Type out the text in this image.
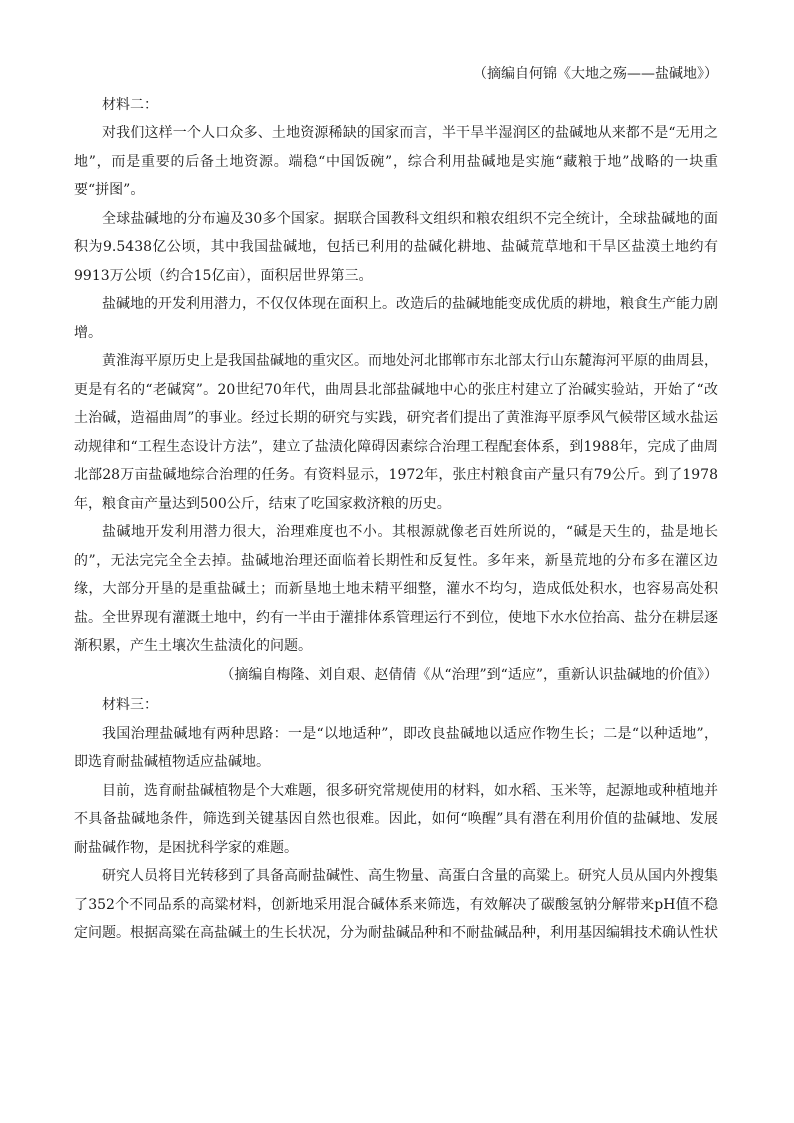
（摘编自何锦《大地之殇——盐碱地》）

材料二：

对我们这样一个人口众多、土地资源稀缺的国家而言，半干旱半湿润区的盐碱地从来都不是“无用之地”，而是重要的后备土地资源。端稳“中国饭碗”，综合利用盐碱地是实施“藏粮于地”战略的一块重要“拼图”。

全球盐碱地的分布遍及30多个国家。据联合国教科文组织和粮农组织不完全统计，全球盐碱地的面积为9.5438亿公顷，其中我国盐碱地，包括已利用的盐碱化耕地、盐碱荒草地和干旱区盐漠土地约有9913万公顷（约合15亿亩），面积居世界第三。

盐碱地的开发利用潜力，不仅仅体现在面积上。改造后的盐碱地能变成优质的耕地，粮食生产能力剧增。

黄淮海平原历史上是我国盐碱地的重灾区。而地处河北邯郸市东北部太行山东麓海河平原的曲周县，更是有名的“老碱窝”。20世纪70年代，曲周县北部盐碱地中心的张庄村建立了治碱实验站，开始了“改土治碱，造福曲周”的事业。经过长期的研究与实践，研究者们提出了黄淮海平原季风气候带区域水盐运动规律和“工程生态设计方法”，建立了盐渍化障碍因素综合治理工程配套体系，到1988年，完成了曲周北部28万亩盐碱地综合治理的任务。有资料显示，1972年，张庄村粮食亩产量只有79公斤。到了1978年，粮食亩产量达到500公斤，结束了吃国家救济粮的历史。

盐碱地开发利用潜力很大，治理难度也不小。其根源就像老百姓所说的，“碱是天生的，盐是地长的”，无法完完全全去掉。盐碱地治理还面临着长期性和反复性。多年来，新垦荒地的分布多在灌区边缘，大部分开垦的是重盐碱土；而新垦地土地未精平细整，灌水不均匀，造成低处积水，也容易高处积盐。全世界现有灌溉土地中，约有一半由于灌排体系管理运行不到位，使地下水水位抬高、盐分在耕层逐渐积累，产生土壤次生盐渍化的问题。

（摘编自梅隆、刘自艰、赵倩倩《从“治理”到“适应”，重新认识盐碱地的价值》）

材料三：

我国治理盐碱地有两种思路：一是“以地适种”，即改良盐碱地以适应作物生长；二是“以种适地”，即选育耐盐碱植物适应盐碱地。

目前，选育耐盐碱植物是个大难题，很多研究常规使用的材料，如水稻、玉米等，起源地或种植地并不具备盐碱地条件，筛选到关键基因自然也很难。因此，如何“唤醒”具有潜在利用价值的盐碱地、发展耐盐碱作物，是困扰科学家的难题。

研究人员将目光转移到了具备高耐盐碱性、高生物量、高蛋白含量的高粱上。研究人员从国内外搜集了352个不同品系的高粱材料，创新地采用混合碱体系来筛选，有效解决了碳酸氢钠分解带来pH值不稳定问题。根据高粱在高盐碱土的生长状况，分为耐盐碱品种和不耐盐碱品种，利用基因编辑技术确认性状
